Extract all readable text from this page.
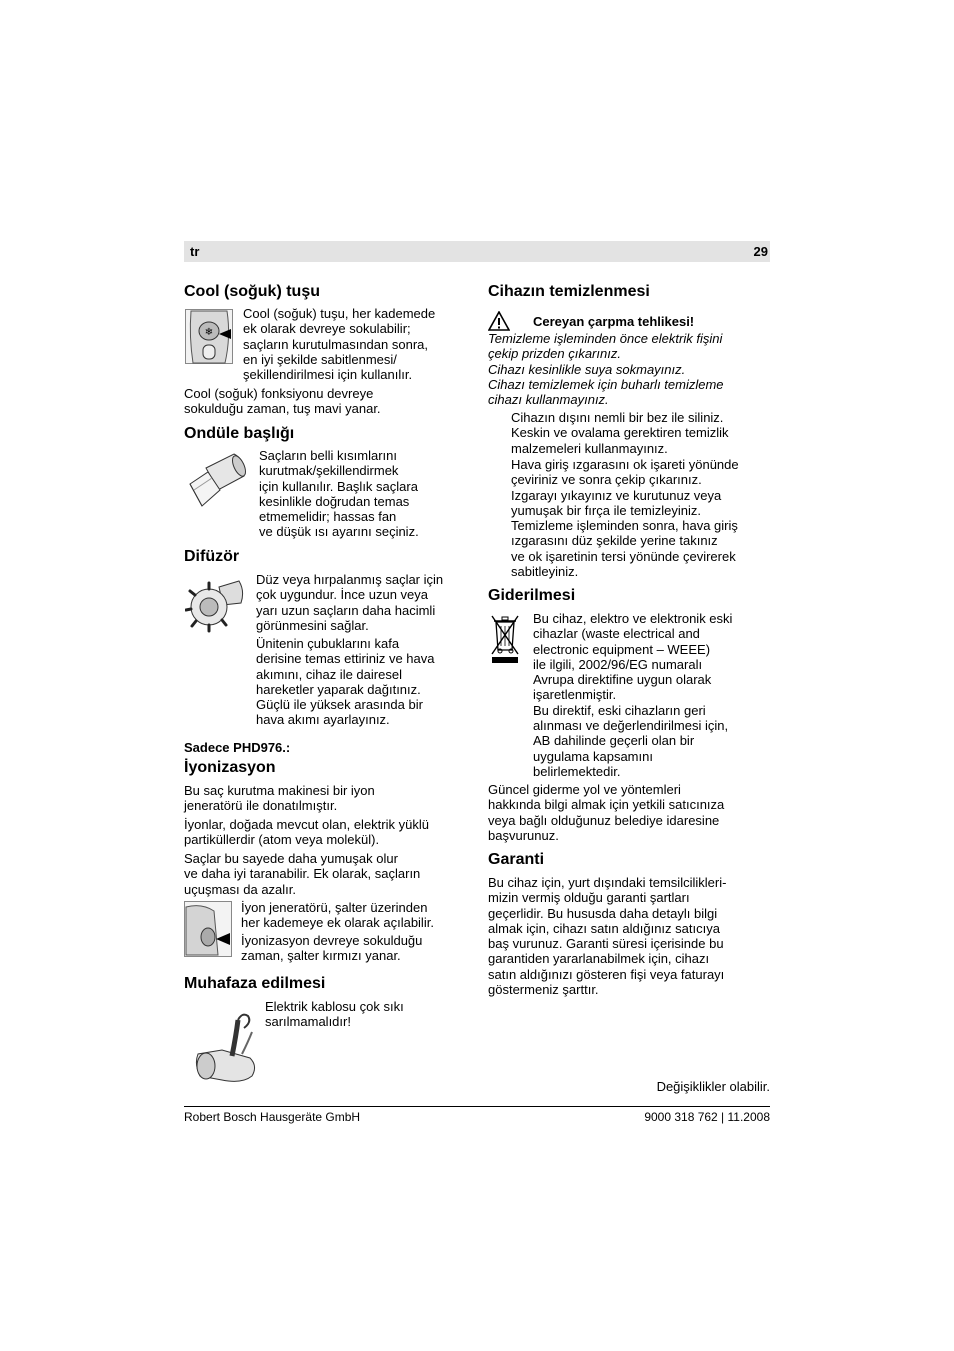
tr	29
Cool (soğuk) tuşu
❄
Cool (soğuk) tuşu, her kademede
ek olarak devreye sokulabilir;
saçların kurutulmasından sonra,
en iyi şekilde sabitlenmesi/
şekillendirilmesi için kullanılır.
Cool (soğuk) fonksiyonu devreye
sokulduğu zaman, tuş mavi yanar.
Ondüle başlığı
Saçların belli kısımlarını
kurutmak/şekillendirmek
için kullanılır. Başlık saçlara
kesinlikle doğrudan temas
etmemelidir; hassas fan
ve düşük ısı ayarını seçiniz.
Difüzör
Düz veya hırpalanmış saçlar için
çok uygundur. İnce uzun veya
yarı uzun saçların daha hacimli
görünmesini sağlar.
Ünitenin çubuklarını kafa
derisine temas ettiriniz ve hava
akımını, cihaz ile dairesel
hareketler yaparak dağıtınız.
Güçlü ile yüksek arasında bir
hava akımı ayarlayınız.
Sadece PHD976.:
İyonizasyon
Bu saç kurutma makinesi bir iyon
jeneratörü ile donatılmıştır.
İyonlar, doğada mevcut olan, elektrik yüklü
partiküllerdir (atom veya molekül).
Saçlar bu sayede daha yumuşak olur
ve daha iyi taranabilir. Ek olarak, saçların
uçuşması da azalır.
İyon jeneratörü, şalter üzerinden
her kademeye ek olarak açılabilir.
İyonizasyon devreye sokulduğu
zaman, şalter kırmızı yanar.
Muhafaza edilmesi
Elektrik kablosu çok sıkı
sarılmamalıdır!
Cihazın temizlenmesi
Cereyan çarpma tehlikesi!
Temizleme işleminden önce elektrik fişini
çekip prizden çıkarınız.
Cihazı kesinlikle suya sokmayınız.
Cihazı temizlemek için buharlı temizleme
cihazı kullanmayınız.
Cihazın dışını nemli bir bez ile siliniz.
Keskin ve ovalama gerektiren temizlik
malzemeleri kullanmayınız.
Hava giriş ızgarasını ok işareti yönünde
çeviriniz ve sonra çekip çıkarınız.
Izgarayı yıkayınız ve kurutunuz veya
yumuşak bir fırça ile temizleyiniz.
Temizleme işleminden sonra, hava giriş
ızgarasını düz şekilde yerine takınız
ve ok işaretinin tersi yönünde çevirerek
sabitleyiniz.
Giderilmesi
Bu cihaz, elektro ve elektronik eski
cihazlar (waste electrical and
electronic equipment – WEEE)
ile ilgili, 2002/96/EG numaralı
Avrupa direktifine uygun olarak
işaretlenmiştir.
Bu direktif, eski cihazların geri
alınması ve değerlendirilmesi için,
AB dahilinde geçerli olan bir
uygulama kapsamını
belirlemektedir.
Güncel giderme yol ve yöntemleri
hakkında bilgi almak için yetkili satıcınıza
veya bağlı olduğunuz belediye idaresine
başvurunuz.
Garanti
Bu cihaz için, yurt dışındaki temsilcilikleri-
mizin vermiş olduğu garanti şartları
geçerlidir. Bu hususda daha detaylı bilgi
almak için, cihazı satın aldığınız satıcıya
baş vurunuz. Garanti süresi içerisinde bu
garantiden yararlanabilmek için, cihazı
satın aldığınızı gösteren fişi veya faturayı
göstermeniz şarttır.
Değişiklikler olabilir.
Robert Bosch Hausgeräte GmbH	9000 318 762 | 11.2008
